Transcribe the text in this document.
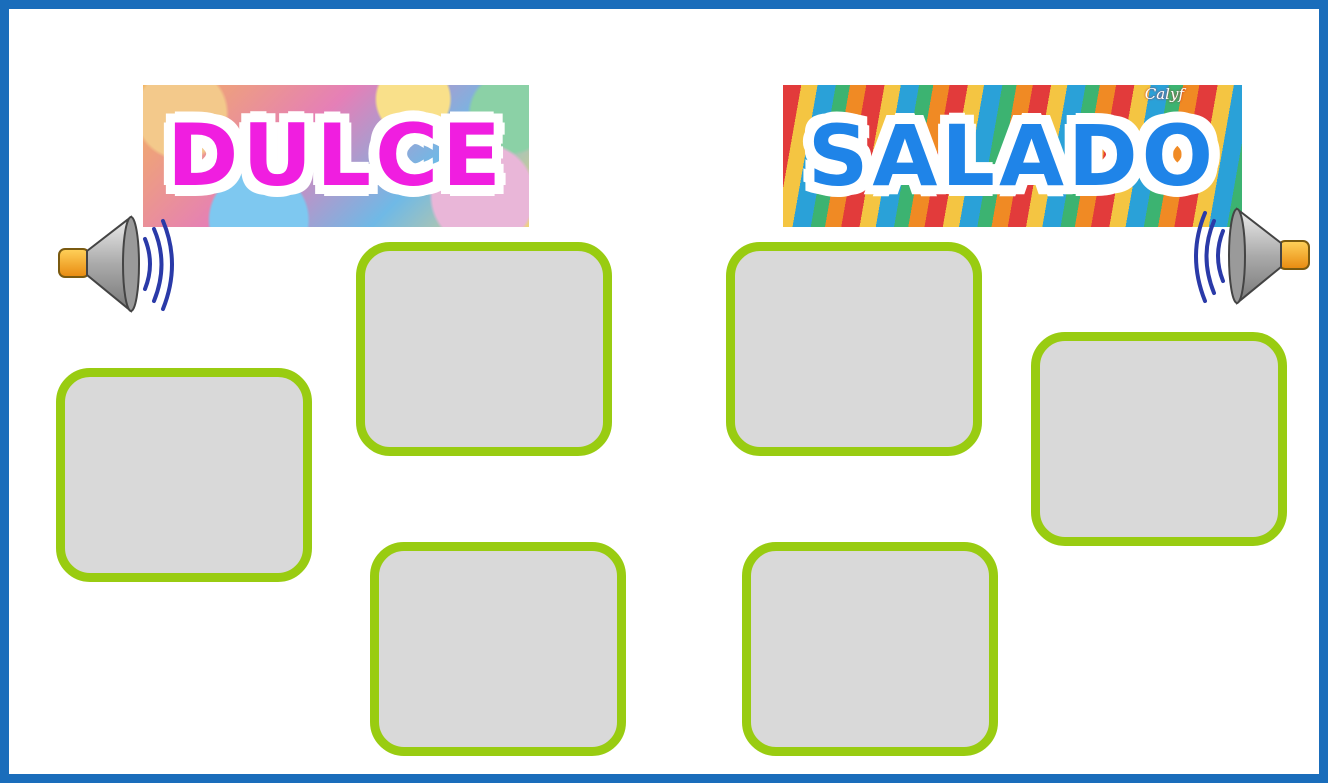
DULCE
Calyf
SALADO
